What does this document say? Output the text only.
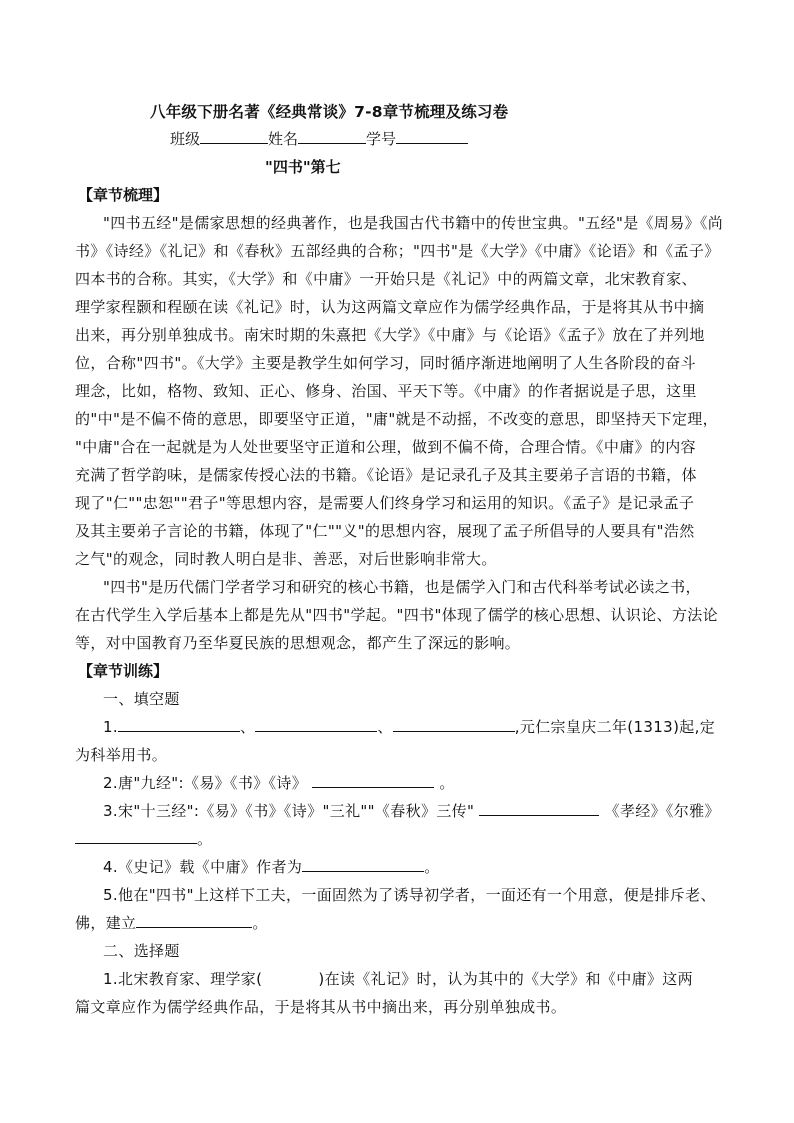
八年级下册名著《经典常谈》7-8章节梳理及练习卷
班级	姓名	学号
"四书"第七
【章节梳理】
"四书五经"是儒家思想的经典著作，也是我国古代书籍中的传世宝典。"五经"是《周易》《尚
书》《诗经》《礼记》和《春秋》五部经典的合称；"四书"是《大学》《中庸》《论语》和《孟子》
四本书的合称。其实，《大学》和《中庸》一开始只是《礼记》中的两篇文章，北宋教育家、
理学家程颢和程颐在读《礼记》时，认为这两篇文章应作为儒学经典作品，于是将其从书中摘
出来，再分别单独成书。南宋时期的朱熹把《大学》《中庸》与《论语》《孟子》放在了并列地
位，合称"四书"。《大学》主要是教学生如何学习，同时循序渐进地阐明了人生各阶段的奋斗
理念，比如，格物、致知、正心、修身、治国、平天下等。《中庸》的作者据说是子思，这里
的"中"是不偏不倚的意思，即要坚守正道，"庸"就是不动摇，不改变的意思，即坚持天下定理，
"中庸"合在一起就是为人处世要坚守正道和公理，做到不偏不倚，合理合情。《中庸》的内容
充满了哲学韵味，是儒家传授心法的书籍。《论语》是记录孔子及其主要弟子言语的书籍，体
现了"仁""忠恕""君子"等思想内容，是需要人们终身学习和运用的知识。《孟子》是记录孟子
及其主要弟子言论的书籍，体现了"仁""义"的思想内容，展现了孟子所倡导的人要具有"浩然
之气"的观念，同时教人明白是非、善恶，对后世影响非常大。
"四书"是历代儒门学者学习和研究的核心书籍，也是儒学入门和古代科举考试必读之书，
在古代学生入学后基本上都是先从"四书"学起。"四书"体现了儒学的核心思想、认识论、方法论
等，对中国教育乃至华夏民族的思想观念，都产生了深远的影响。
【章节训练】
一、填空题
1.	、	、	,元仁宗皇庆二年(1313)起,定
为科举用书。
2.唐"九经":《易》《书》《诗》	。
3.宋"十三经":《易》《书》《诗》"三礼""《春秋》三传"	《孝经》《尔雅》
。
4.《史记》载《中庸》作者为	。
5.他在"四书"上这样下工夫，一面固然为了诱导初学者，一面还有一个用意，便是排斥老、
佛，建立	。
二、选择题
1.北宋教育家、理学家(	)在读《礼记》时，认为其中的《大学》和《中庸》这两
篇文章应作为儒学经典作品，于是将其从书中摘出来，再分别单独成书。
